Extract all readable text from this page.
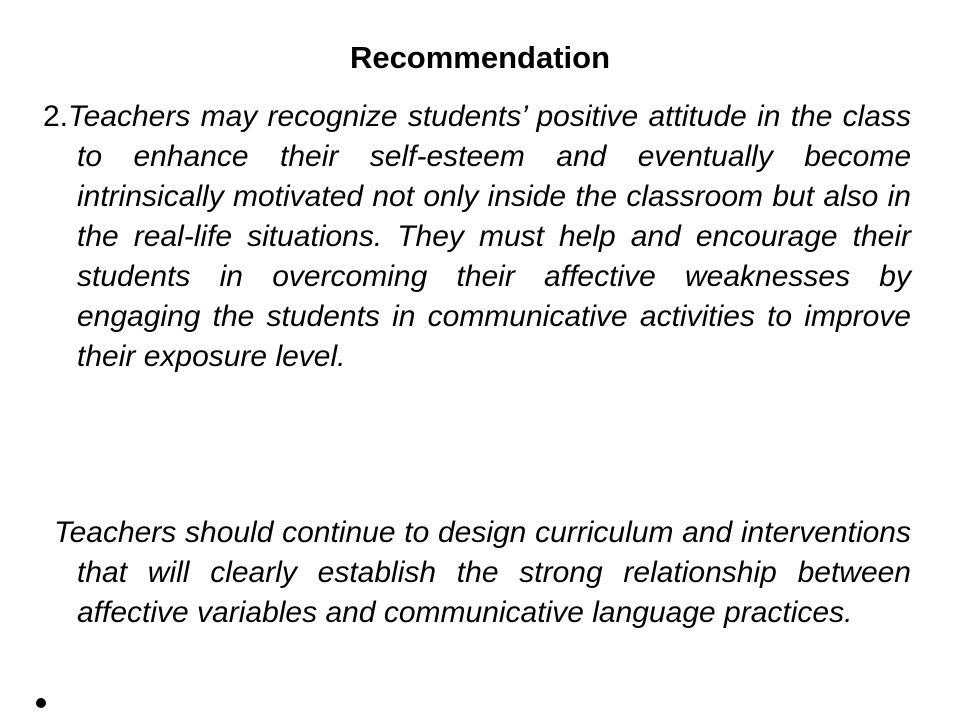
Recommendation
2.Teachers may recognize students’ positive attitude in the class to enhance their self-esteem and eventually become intrinsically motivated not only inside the classroom but also in the real-life situations. They must help and encourage their students in overcoming their affective weaknesses by engaging the students in communicative activities to improve their exposure level.
Teachers should continue to design curriculum and interventions that will clearly establish the strong relationship between affective variables and communicative language practices.
